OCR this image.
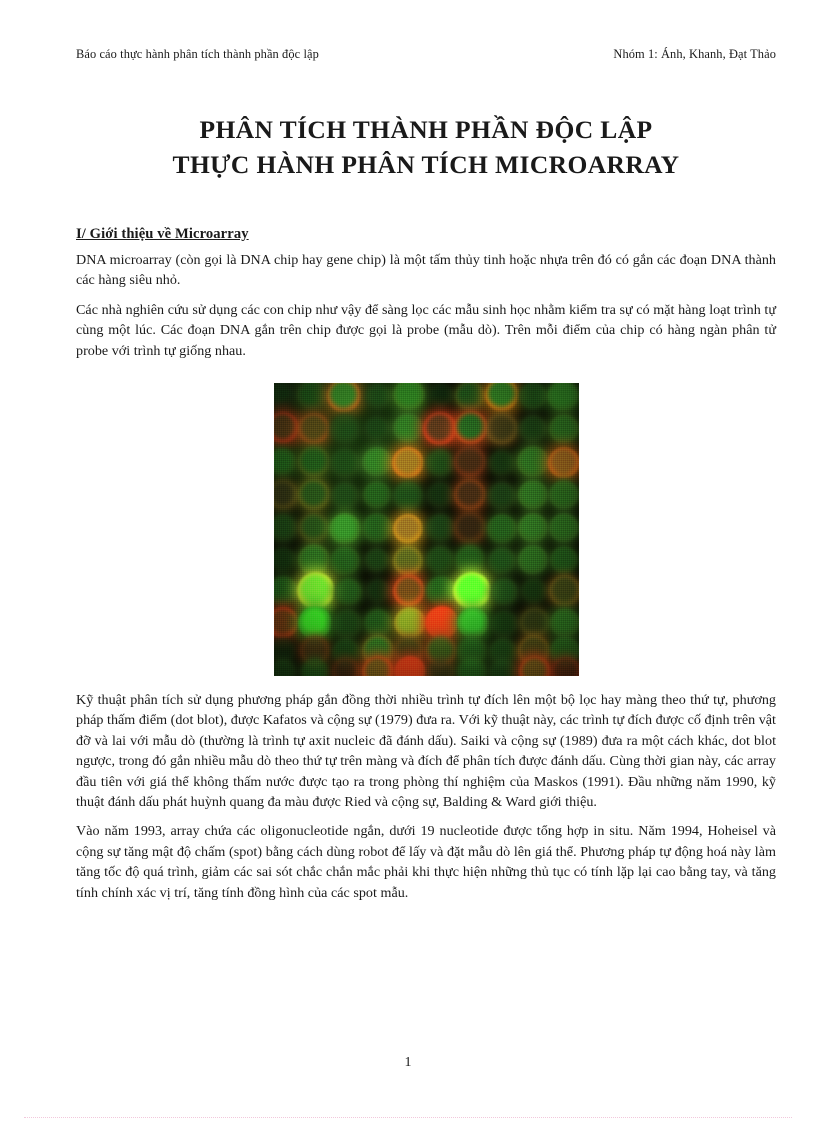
Báo cáo thực hành phân tích thành phần độc lập	Nhóm 1: Ánh, Khanh, Đạt Thảo
PHÂN TÍCH THÀNH PHẦN ĐỘC LẬP
THỰC HÀNH PHÂN TÍCH MICROARRAY
I/ Giới thiệu về Microarray

DNA microarray (còn gọi là DNA chip hay gene chip) là một tấm thủy tinh hoặc nhựa trên đó có gắn các đoạn DNA thành các hàng siêu nhỏ.

Các nhà nghiên cứu sử dụng các con chip như vậy để sàng lọc các mẫu sinh học nhằm kiểm tra sự có mặt hàng loạt trình tự cùng một lúc. Các đoạn DNA gắn trên chip được gọi là probe (mẫu dò). Trên mỗi điểm của chip có hàng ngàn phân tử probe với trình tự giống nhau.

Kỹ thuật phân tích sử dụng phương pháp gắn đồng thời nhiều trình tự đích lên một bộ lọc hay màng theo thứ tự, phương pháp thấm điểm (dot blot), được Kafatos và cộng sự (1979) đưa ra. Với kỹ thuật này, các trình tự đích được cố định trên vật đỡ và lai với mẫu dò (thường là trình tự axit nucleic đã đánh dấu). Saiki và cộng sự (1989) đưa ra một cách khác, dot blot ngược, trong đó gắn nhiều mẫu dò theo thứ tự trên màng và đích để phân tích được đánh dấu. Cùng thời gian này, các array đầu tiên với giá thể không thấm nước được tạo ra trong phòng thí nghiệm của Maskos (1991). Đầu những năm 1990, kỹ thuật đánh dấu phát huỳnh quang đa màu được Ried và cộng sự, Balding & Ward giới thiệu.

Vào năm 1993, array chứa các oligonucleotide ngắn, dưới 19 nucleotide được tổng hợp in situ. Năm 1994, Hoheisel và cộng sự tăng mật độ chấm (spot) bằng cách dùng robot để lấy và đặt mẫu dò lên giá thể. Phương pháp tự động hoá này làm tăng tốc độ quá trình, giảm các sai sót chắc chắn mắc phải khi thực hiện những thủ tục có tính lặp lại cao bằng tay, và tăng tính chính xác vị trí, tăng tính đồng hình của các spot mẫu.

1
